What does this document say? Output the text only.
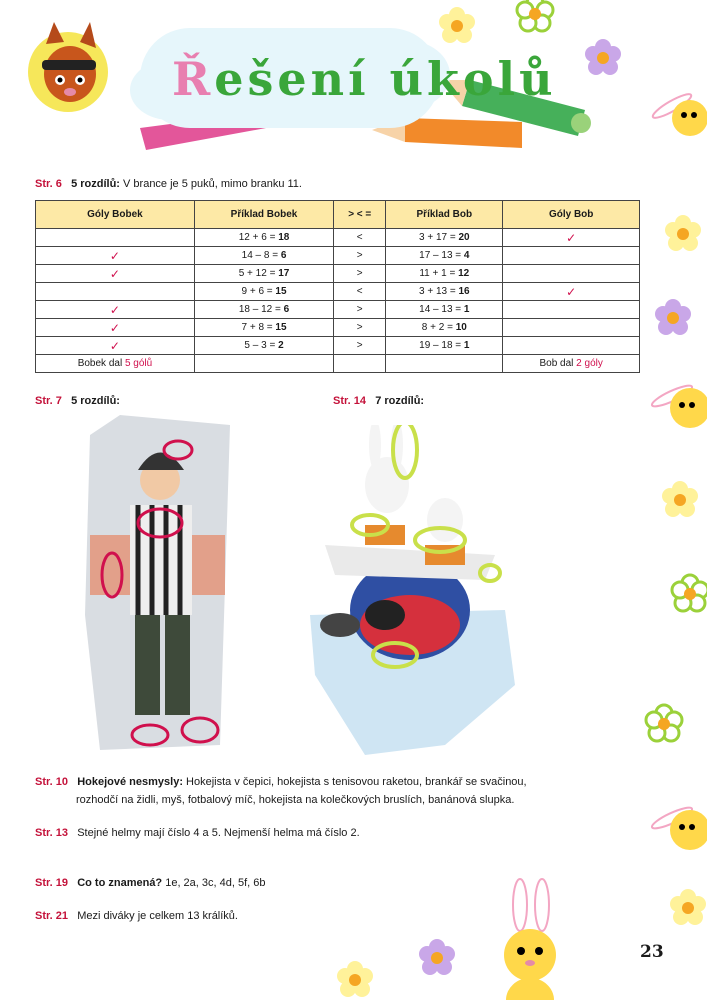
Řešení úkolů
Str. 6 5 rozdílů: V brance je 5 puků, mimo branku 11.
Góly Bobek	Příklad Bobek	> < =	Příklad Bob	Góly Bob
	12 + 6 = 18	<	3 + 17 = 20	✓
✓	14 – 8 = 6	>	17 – 13 = 4	
✓	5 + 12 = 17	>	11 + 1 = 12	
	9 + 6 = 15	<	3 + 13 = 16	✓
✓	18 – 12 = 6	>	14 – 13 = 1	
✓	7 + 8 = 15	>	8 + 2 = 10	
✓	5 – 3 = 2	>	19 – 18 = 1	
Bobek dal 5 gólů				Bob dal 2 góly
Str. 7 5 rozdílů:	Str. 14 7 rozdílů:
Str. 10 Hokejové nesmysly: Hokejista v čepici, hokejista s tenisovou raketou, brankář se svačinou,
rozhodčí na židli, myš, fotbalový míč, hokejista na kolečkových bruslích, banánová slupka.
Str. 13 Stejné helmy mají číslo 4 a 5. Nejmenší helma má číslo 2.
Str. 19 Co to znamená? 1e, 2a, 3c, 4d, 5f, 6b
Str. 21 Mezi diváky je celkem 13 králíků.
23
